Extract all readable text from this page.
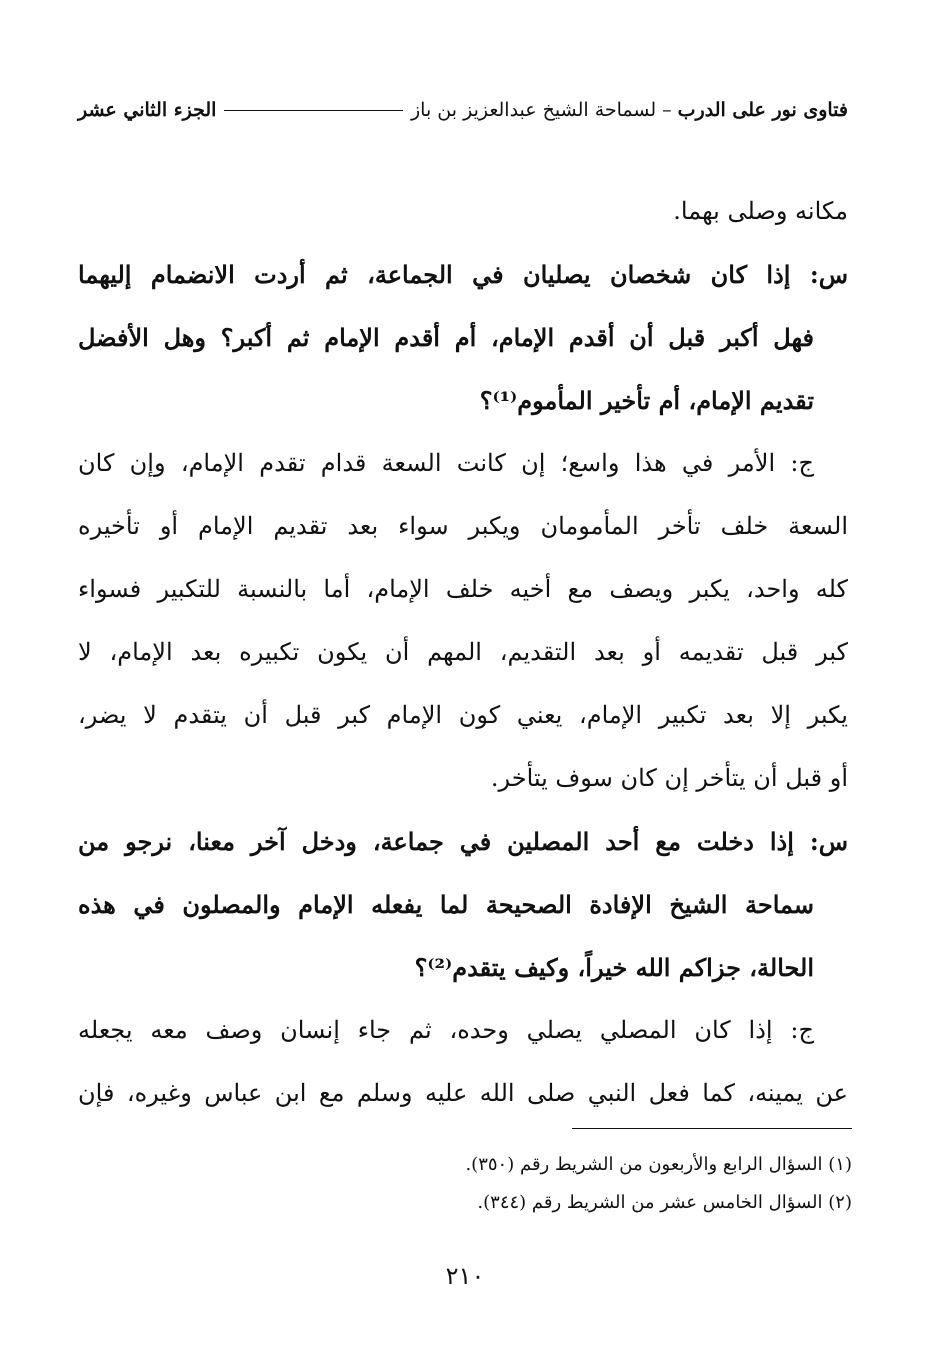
فتاوى نور على الدرب
–
لسماحة الشيخ عبدالعزيز بن باز
الجزء الثاني عشر
مكانه وصلى بهما.
س: إذا كان شخصان يصليان في الجماعة، ثم أردت الانضمام إليهما
فهل أكبر قبل أن أقدم الإمام، أم أقدم الإمام ثم أكبر؟ وهل الأفضل
تقديم الإمام، أم تأخير المأموم⁽¹⁾؟
ج: الأمر في هذا واسع؛ إن كانت السعة قدام تقدم الإمام، وإن كان
السعة خلف تأخر المأمومان ويكبر سواء بعد تقديم الإمام أو تأخيره
كله واحد، يكبر ويصف مع أخيه خلف الإمام، أما بالنسبة للتكبير فسواء
كبر قبل تقديمه أو بعد التقديم، المهم أن يكون تكبيره بعد الإمام، لا
يكبر إلا بعد تكبير الإمام، يعني كون الإمام كبر قبل أن يتقدم لا يضر،
أو قبل أن يتأخر إن كان سوف يتأخر.
س: إذا دخلت مع أحد المصلين في جماعة، ودخل آخر معنا، نرجو من
سماحة الشيخ الإفادة الصحيحة لما يفعله الإمام والمصلون في هذه
الحالة، جزاكم الله خيراً، وكيف يتقدم⁽²⁾؟
ج: إذا كان المصلي يصلي وحده، ثم جاء إنسان وصف معه يجعله
عن يمينه، كما فعل النبي صلى الله عليه وسلم مع ابن عباس وغيره، فإن
(١) السؤال الرابع والأربعون من الشريط رقم (٣٥٠).
(٢) السؤال الخامس عشر من الشريط رقم (٣٤٤).
٢١٠
